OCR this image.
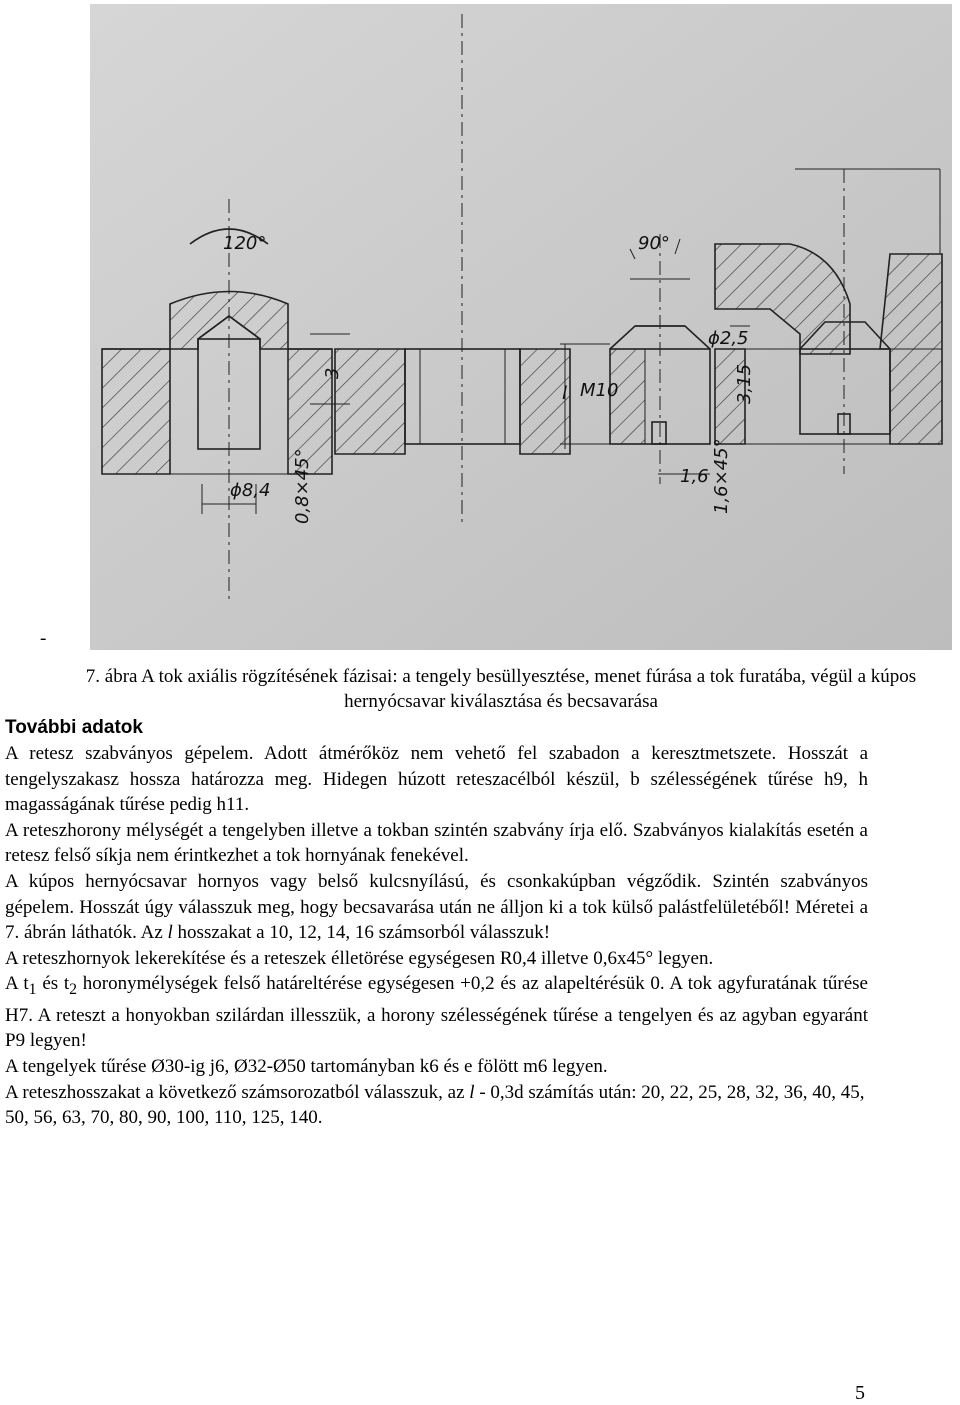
120°	90°
3
ϕ8,4 0,8×45°
l M10
ϕ2,5
3,15
1,6 1,6×45°
-
7. ábra A tok axiális rögzítésének fázisai: a tengely besüllyesztése, menet fúrása a tok furatába, végül a kúpos hernyócsavar kiválasztása és becsavarása
További adatok

A retesz szabványos gépelem. Adott átmérőköz nem vehető fel szabadon a keresztmetszete. Hosszát a tengelyszakasz hossza határozza meg. Hidegen húzott reteszacélból készül, b szélességének tűrése h9, h magasságának tűrése pedig h11.

A reteszhorony mélységét a tengelyben illetve a tokban szintén szabvány írja elő. Szabványos kialakítás esetén a retesz felső síkja nem érintkezhet a tok hornyának fenekével.

A kúpos hernyócsavar hornyos vagy belső kulcsnyílású, és csonkakúpban végződik. Szintén szabványos gépelem. Hosszát úgy válasszuk meg, hogy becsavarása után ne álljon ki a tok külső palástfelületéből! Méretei a 7. ábrán láthatók. Az l hosszakat a 10, 12, 14, 16 számsorból válasszuk!

A reteszhornyok lekerekítése és a reteszek élletörése egységesen R0,4 illetve 0,6x45° legyen.

A $t_1$ és $t_2$ horonymélységek felső határeltérése egységesen +0,2 és az alapeltérésük 0. A tok agyfuratának tűrése H7. A reteszt a honyokban szilárdan illesszük, a horony szélességének tűrése a tengelyen és az agyban egyaránt P9 legyen!

A tengelyek tűrése Ø30-ig j6, Ø32-Ø50 tartományban k6 és e fölött m6 legyen.

A reteszhosszakat a következő számsorozatból válasszuk, az l - 0,3d számítás után: 20, 22, 25, 28, 32, 36, 40, 45, 50, 56, 63, 70, 80, 90, 100, 110, 125, 140.

5
